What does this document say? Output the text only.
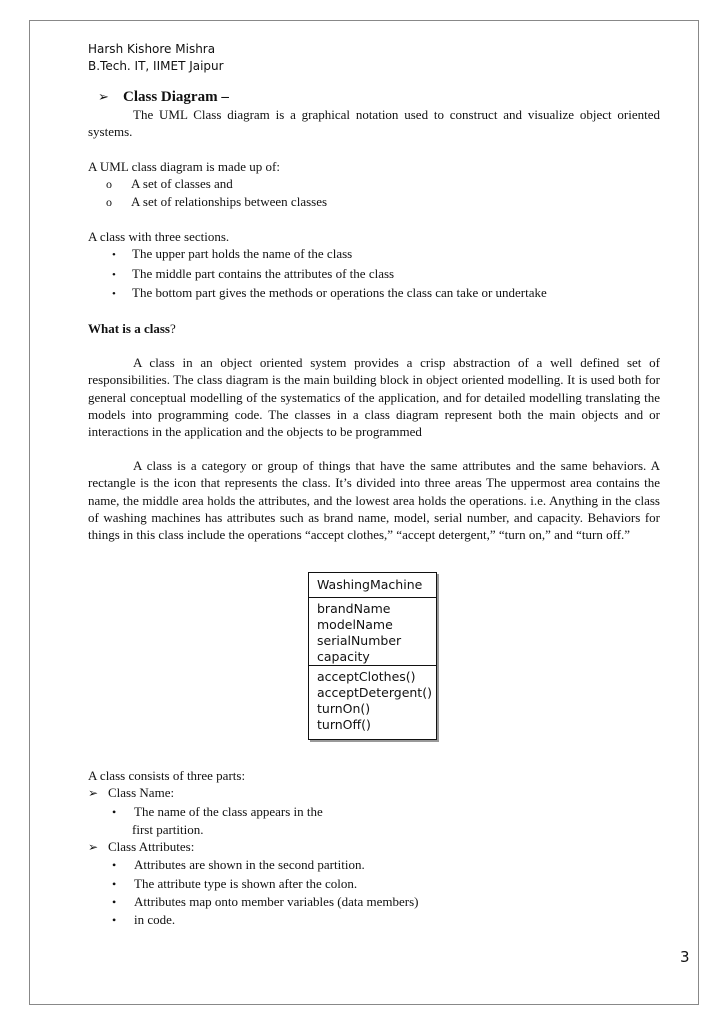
Harsh Kishore Mishra
B.Tech. IT, IIMET Jaipur
➢ Class Diagram –

The UML Class diagram is a graphical notation used to construct and visualize object oriented systems.

A UML class diagram is made up of:

o	A set of classes and
o	A set of relationships between classes

A class with three sections.

•	The upper part holds the name of the class
•	The middle part contains the attributes of the class
•	The bottom part gives the methods or operations the class can take or undertake

What is a class?

A class in an object oriented system provides a crisp abstraction of a well defined set of responsibilities. The class diagram is the main building block in object oriented modelling. It is used both for general conceptual modelling of the systematics of the application, and for detailed modelling translating the models into programming code. The classes in a class diagram represent both the main objects and or interactions in the application and the objects to be programmed

A class is a category or group of things that have the same attributes and the same behaviors. A rectangle is the icon that represents the class. It’s divided into three areas The uppermost area contains the name, the middle area holds the attributes, and the lowest area holds the operations. i.e. Anything in the class of washing machines has attributes such as brand name, model, serial number, and capacity. Behaviors for things in this class include the operations “accept clothes,” “accept detergent,” “turn on,” and “turn off.”

WashingMachine
brandName
modelName
serialNumber
capacity
acceptClothes()
acceptDetergent()
turnOn()
turnOff()

A class consists of three parts:

➢ Class Name:
•	The name of the class appears in the
first partition.
➢ Class Attributes:
•	Attributes are shown in the second partition.
•	The attribute type is shown after the colon.
•	Attributes map onto member variables (data members)
•	in code.
3
